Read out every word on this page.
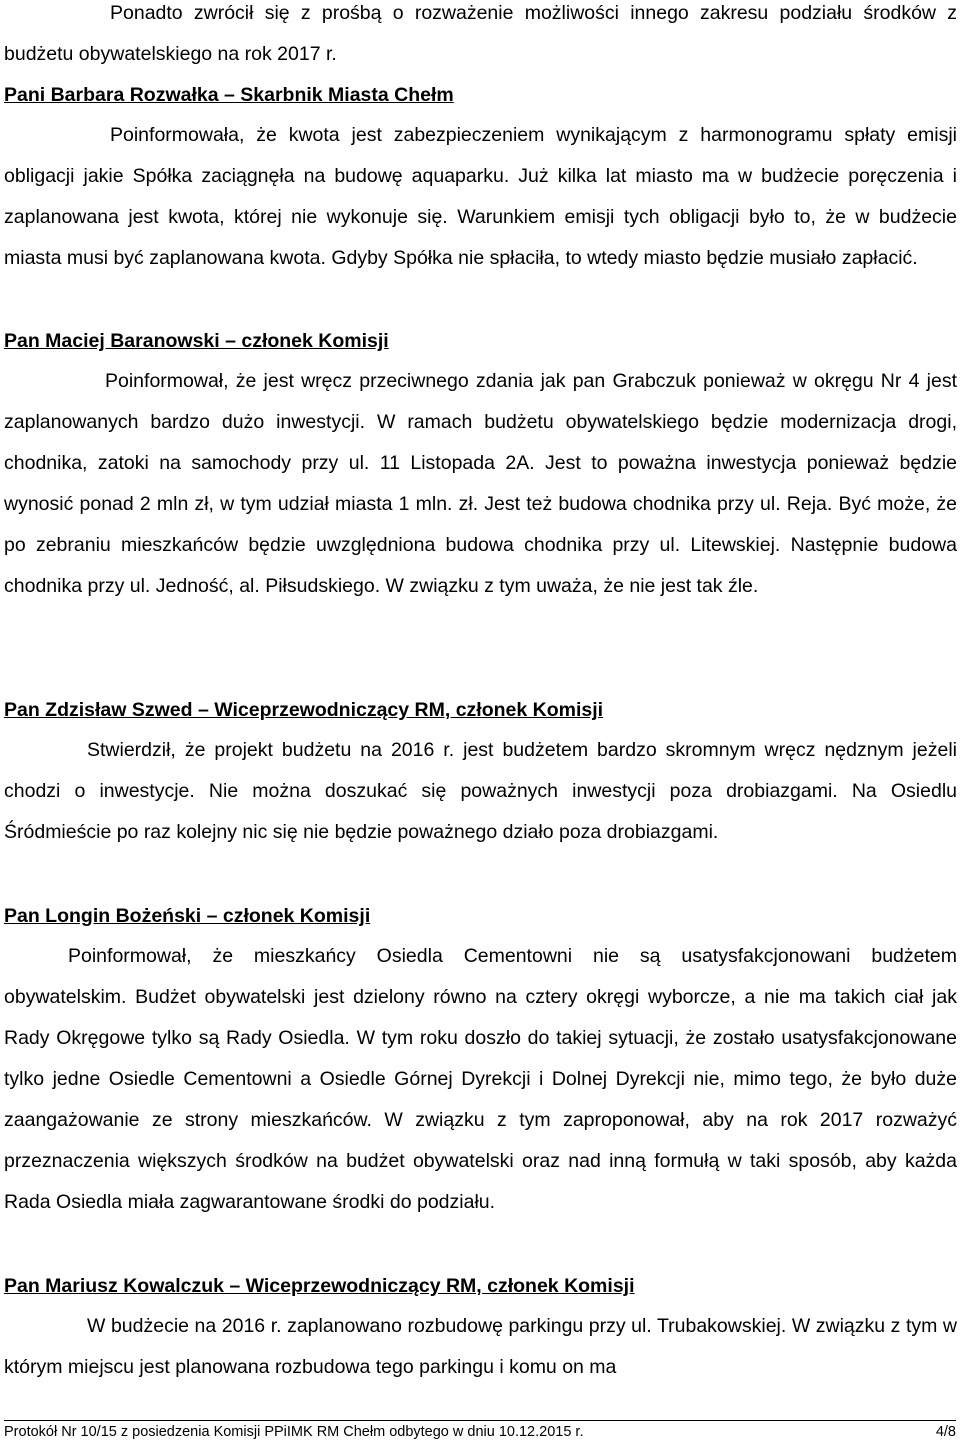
Ponadto zwrócił się z prośbą o rozważenie możliwości innego zakresu podziału środków z budżetu obywatelskiego na rok 2017 r.

Pani Barbara Rozwałka – Skarbnik Miasta Chełm

Poinformowała, że kwota jest zabezpieczeniem wynikającym z harmonogramu spłaty emisji obligacji jakie Spółka zaciągnęła na budowę aquaparku. Już kilka lat miasto ma w budżecie poręczenia i zaplanowana jest kwota, której nie wykonuje się. Warunkiem emisji tych obligacji było to, że w budżecie miasta musi być zaplanowana kwota. Gdyby Spółka nie spłaciła, to wtedy miasto będzie musiało zapłacić.

Pan Maciej Baranowski – członek Komisji

Poinformował, że jest wręcz przeciwnego zdania jak pan Grabczuk ponieważ w okręgu Nr 4 jest zaplanowanych bardzo dużo inwestycji. W ramach budżetu obywatelskiego będzie modernizacja drogi, chodnika, zatoki na samochody przy ul. 11 Listopada 2A. Jest to poważna inwestycja ponieważ będzie wynosić ponad 2 mln zł, w tym udział miasta 1 mln. zł. Jest też budowa chodnika przy ul. Reja. Być może, że po zebraniu mieszkańców będzie uwzględniona budowa chodnika przy ul. Litewskiej. Następnie budowa chodnika przy ul. Jedność, al. Piłsudskiego. W związku z tym uważa, że nie jest tak źle.

Pan Zdzisław Szwed – Wiceprzewodniczący RM, członek Komisji

Stwierdził, że projekt budżetu na 2016 r. jest budżetem bardzo skromnym wręcz nędznym jeżeli chodzi o inwestycje. Nie można doszukać się poważnych inwestycji poza drobiazgami. Na Osiedlu Śródmieście po raz kolejny nic się nie będzie poważnego działo poza drobiazgami.

Pan Longin Bożeński – członek Komisji

Poinformował, że mieszkańcy Osiedla Cementowni nie są usatysfakcjonowani budżetem obywatelskim. Budżet obywatelski jest dzielony równo na cztery okręgi wyborcze, a nie ma takich ciał jak Rady Okręgowe tylko są Rady Osiedla. W tym roku doszło do takiej sytuacji, że zostało usatysfakcjonowane tylko jedne Osiedle Cementowni a Osiedle Górnej Dyrekcji i Dolnej Dyrekcji nie, mimo tego, że było duże zaangażowanie ze strony mieszkańców. W związku z tym zaproponował, aby na rok 2017 rozważyć przeznaczenia większych środków na budżet obywatelski oraz nad inną formułą w taki sposób, aby każda Rada Osiedla miała zagwarantowane środki do podziału.

Pan Mariusz Kowalczuk – Wiceprzewodniczący RM, członek Komisji

W budżecie na 2016 r. zaplanowano rozbudowę parkingu przy ul. Trubakowskiej. W związku z tym w którym miejscu jest planowana rozbudowa tego parkingu i komu on ma

Protokół Nr 10/15 z posiedzenia Komisji PPiIMK RM Chełm odbytego w dniu 10.12.2015 r.	4/8
